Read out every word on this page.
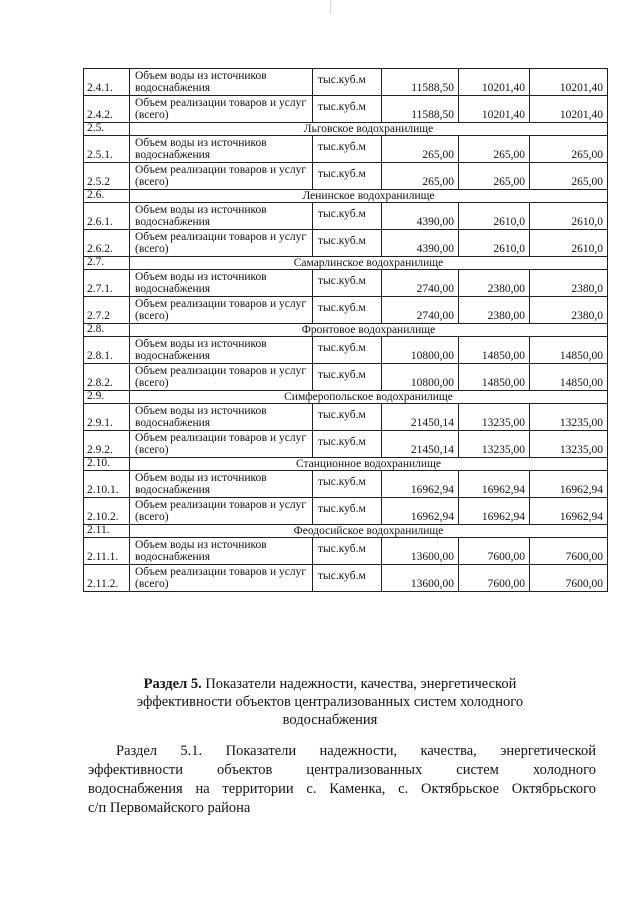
2.4.1.	Объем воды из источников водоснабжения	тыс.куб.м	11588,50	10201,40	10201,40
2.4.2.	Объем реализации товаров и услуг (всего)	тыс.куб.м	11588,50	10201,40	10201,40
2.5.	Льговское водохранилище				
2.5.1.	Объем воды из источников водоснабжения	тыс.куб.м	265,00	265,00	265,00
2.5.2	Объем реализации товаров и услуг (всего)	тыс.куб.м	265,00	265,00	265,00
2.6.	Ленинское водохранилище				
2.6.1.	Объем воды из источников водоснабжения	тыс.куб.м	4390,00	2610,0	2610,0
2.6.2.	Объем реализации товаров и услуг (всего)	тыс.куб.м	4390,00	2610,0	2610,0
2.7.	Самарлинское водохранилище				
2.7.1.	Объем воды из источников водоснабжения	тыс.куб.м	2740,00	2380,00	2380,0
2.7.2	Объем реализации товаров и услуг (всего)	тыс.куб.м	2740,00	2380,00	2380,0
2.8.	Фронтовое водохранилище				
2.8.1.	Объем воды из источников водоснабжения	тыс.куб.м	10800,00	14850,00	14850,00
2.8.2.	Объем реализации товаров и услуг (всего)	тыс.куб.м	10800,00	14850,00	14850,00
2.9.	Симферопольское водохранилище				
2.9.1.	Объем воды из источников водоснабжения	тыс.куб.м	21450,14	13235,00	13235,00
2.9.2.	Объем реализации товаров и услуг (всего)	тыс.куб.м	21450,14	13235,00	13235,00
2.10.	Станционное водохранилище				
2.10.1.	Объем воды из источников водоснабжения	тыс.куб.м	16962,94	16962,94	16962,94
2.10.2.	Объем реализации товаров и услуг (всего)	тыс.куб.м	16962,94	16962,94	16962,94
2.11.	Феодосийское водохранилище				
2.11.1.	Объем воды из источников водоснабжения	тыс.куб.м	13600,00	7600,00	7600,00
2.11.2.	Объем реализации товаров и услуг (всего)	тыс.куб.м	13600,00	7600,00	7600,00
Раздел 5. Показатели надежности, качества, энергетической эффективности объектов централизованных систем холодного водоснабжения
Раздел 5.1. Показатели надежности, качества, энергетической
эффективности объектов централизованных систем холодного
водоснабжения на территории с. Каменка, с. Октябрьское Октябрьского
с/п Первомайского района
